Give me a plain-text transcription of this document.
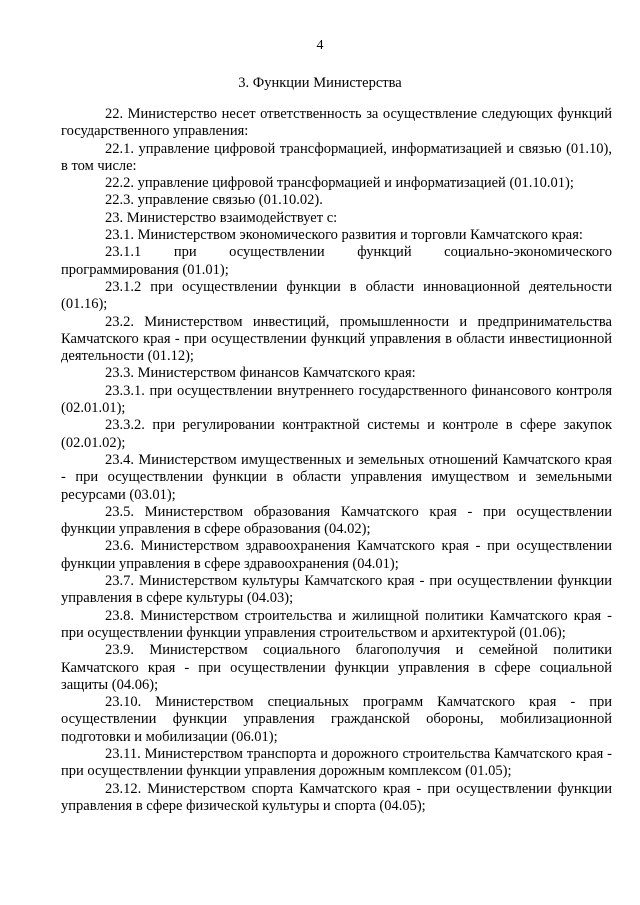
4
3. Функции Министерства

22. Министерство несет ответственность за осуществление следующих функций государственного управления:

22.1. управление цифровой трансформацией, информатизацией и связью (01.10), в том числе:

22.2. управление цифровой трансформацией и информатизацией (01.10.01);

22.3. управление связью (01.10.02).

23. Министерство взаимодействует с:

23.1. Министерством экономического развития и торговли Камчатского края:

23.1.1 при осуществлении функций социально-экономического программирования (01.01);

23.1.2 при осуществлении функции в области инновационной деятельности (01.16);

23.2. Министерством инвестиций, промышленности и предпринимательства Камчатского края - при осуществлении функций управления в области инвестиционной деятельности (01.12);

23.3. Министерством финансов Камчатского края:

23.3.1. при осуществлении внутреннего государственного финансового контроля (02.01.01);

23.3.2. при регулировании контрактной системы и контроле в сфере закупок (02.01.02);

23.4. Министерством имущественных и земельных отношений Камчатского края - при осуществлении функции в области управления имуществом и земельными ресурсами (03.01);

23.5. Министерством образования Камчатского края - при осуществлении функции управления в сфере образования (04.02);

23.6. Министерством здравоохранения Камчатского края - при осуществлении функции управления в сфере здравоохранения (04.01);

23.7. Министерством культуры Камчатского края - при осуществлении функции управления в сфере культуры (04.03);

23.8. Министерством строительства и жилищной политики Камчатского края - при осуществлении функции управления строительством и архитектурой (01.06);

23.9. Министерством социального благополучия и семейной политики Камчатского края - при осуществлении функции управления в сфере социальной защиты (04.06);

23.10. Министерством специальных программ Камчатского края - при осуществлении функции управления гражданской обороны, мобилизационной подготовки и мобилизации (06.01);

23.11. Министерством транспорта и дорожного строительства Камчатского края - при осуществлении функции управления дорожным комплексом (01.05);

23.12. Министерством спорта Камчатского края - при осуществлении функции управления в сфере физической культуры и спорта (04.05);
